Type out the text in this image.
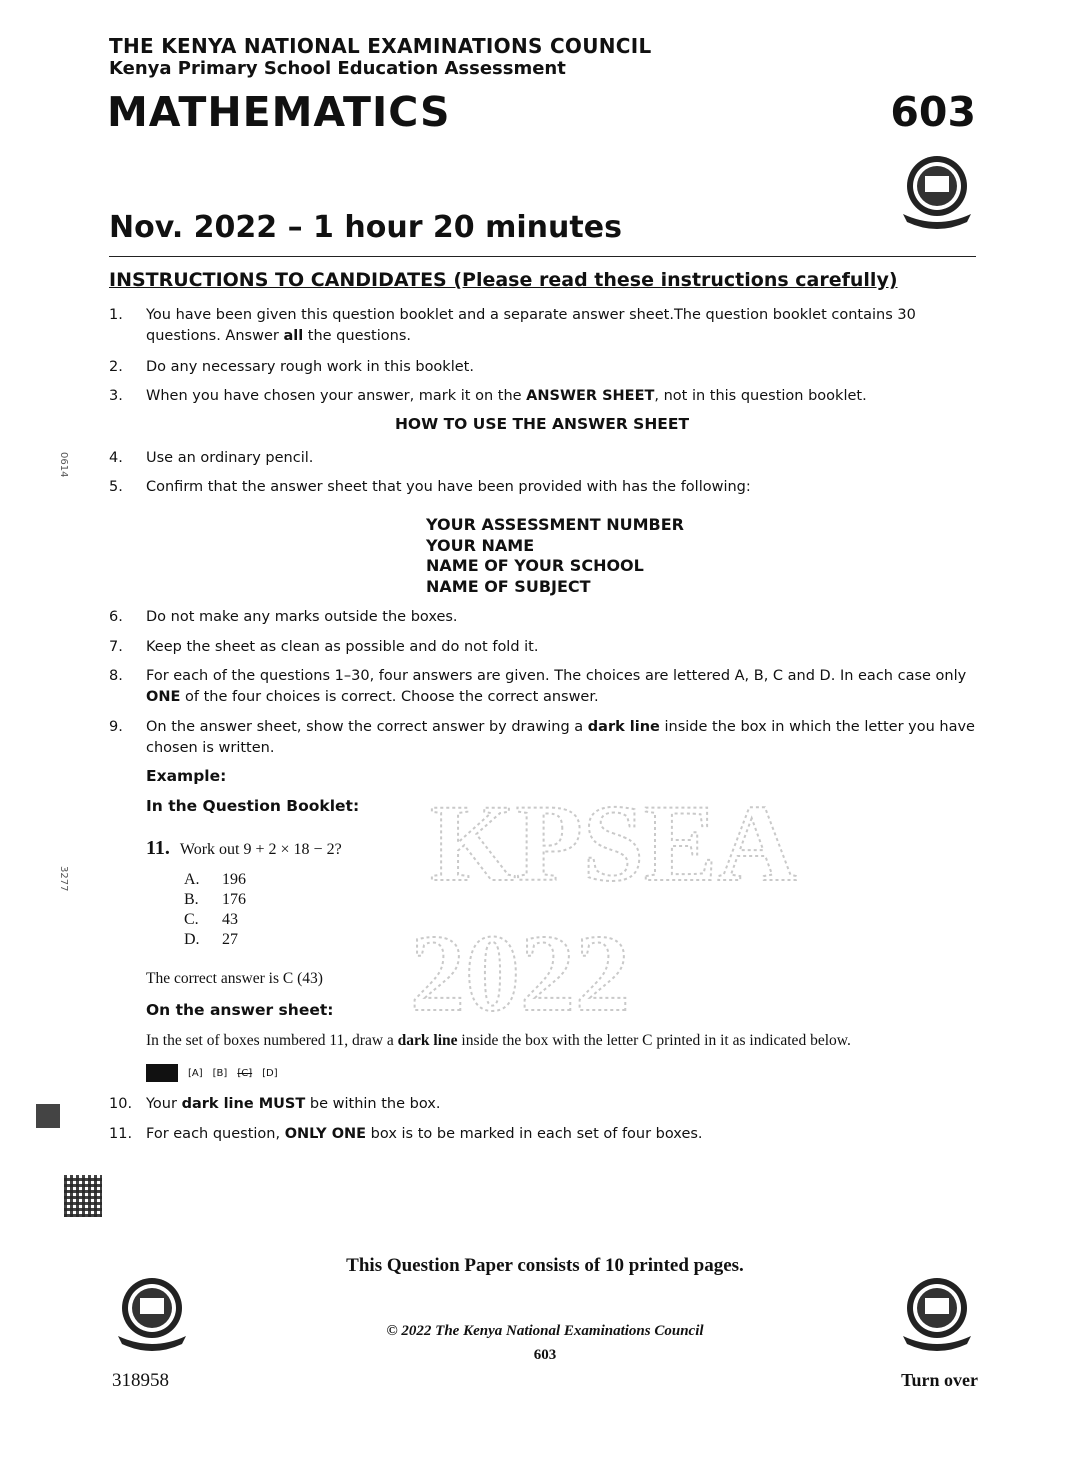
THE KENYA NATIONAL EXAMINATIONS COUNCIL
Kenya Primary School Education Assessment
MATHEMATICS	603
Nov. 2022 – 1 hour 20 minutes
INSTRUCTIONS TO CANDIDATES (Please read these instructions carefully)
1. You have been given this question booklet and a separate answer sheet.The question booklet contains 30 questions. Answer all the questions.
2. Do any necessary rough work in this booklet.
3. When you have chosen your answer, mark it on the ANSWER SHEET, not in this question booklet.
HOW TO USE THE ANSWER SHEET
4. Use an ordinary pencil.
5. Confirm that the answer sheet that you have been provided with has the following:
YOUR ASSESSMENT NUMBER
YOUR NAME
NAME OF YOUR SCHOOL
NAME OF SUBJECT
6. Do not make any marks outside the boxes.
7. Keep the sheet as clean as possible and do not fold it.
8. For each of the questions 1–30, four answers are given. The choices are lettered A, B, C and D. In each case only ONE of the four choices is correct. Choose the correct answer.
9. On the answer sheet, show the correct answer by drawing a dark line inside the box in which the letter you have chosen is written.
KPSEA
2022
Example:
In the Question Booklet:
11. Work out 9 + 2 × 18 − 2?
A. 196
B. 176
C. 43
D. 27
The correct answer is C (43)
On the answer sheet:
In the set of boxes numbered 11, draw a dark line inside the box with the letter C printed in it as indicated below.
[A] [B] [C] [D]
10. Your dark line MUST be within the box.
11. For each question, ONLY ONE box is to be marked in each set of four boxes.
0614
3277
This Question Paper consists of 10 printed pages.
© 2022 The Kenya National Examinations Council
603
318958	Turn over
